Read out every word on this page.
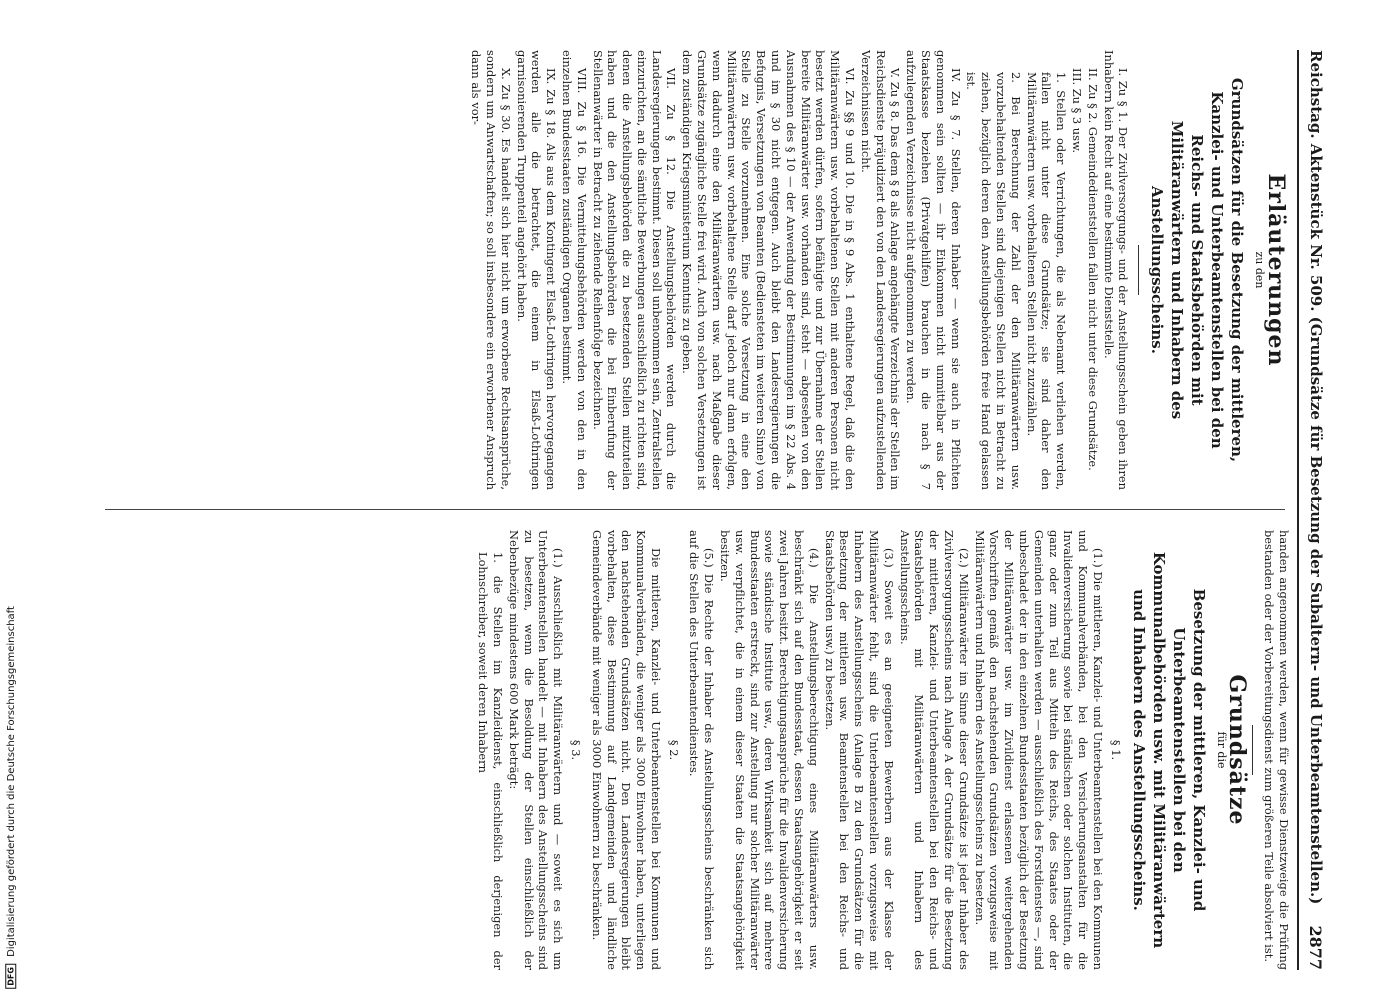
DFG Digitalisierung gefördert durch die Deutsche Forschungsgemeinschaft	Reichstag. Aktenstück Nr. 509. (Grundsätze für Besetzung der Subaltern- und Unterbeamtenstellen.)
2877
Erläuterungen
zu den
Grundsätzen für die Besetzung der mittleren, Kanzlei- und Unterbeamtenstellen bei den Reichs- und Staatsbehörden mit Militäranwärtern und Inhabern des Anstellungsscheins.

I. Zu § 1. Der Zivilversorgungs- und der Anstellungsschein geben ihren Inhabern kein Recht auf eine bestimmte Dienststelle.

II. Zu § 2. Gemeindedienststellen fallen nicht unter diese Grundsätze.

III. Zu § 3 usw.

1. Stellen oder Verrichtungen, die als Nebenamt verliehen werden, fallen nicht unter diese Grundsätze; sie sind daher den Militäranwärtern usw. vorbehaltenen Stellen nicht zuzuzählen.

2. Bei Berechnung der Zahl der den Militäranwärtern usw. vorzubehaltenden Stellen sind diejenigen Stellen nicht in Betracht zu ziehen, bezüglich deren den Anstellungsbehörden freie Hand gelassen ist.

IV. Zu § 7. Stellen, deren Inhaber — wenn sie auch in Pflichten genommen sein sollten — ihr Einkommen nicht unmittelbar aus der Staatskasse beziehen (Privatgehilfen) brauchen in die nach § 7 aufzulegenden Verzeichnisse nicht aufgenommen zu werden.

V. Zu § 8. Das dem § 8 als Anlage angehängte Verzeichnis der Stellen im Reichsdienste präjudiziert den von den Landesregierungen aufzustellenden Verzeichnissen nicht.

VI. Zu §§ 9 und 10. Die in § 9 Abs. 1 enthaltene Regel, daß die den Militäranwärtern usw. vorbehaltenen Stellen mit anderen Personen nicht besetzt werden dürfen, sofern befähigte und zur Übernahme der Stellen bereite Militäranwärter usw. vorhanden sind, steht — abgesehen von den Ausnahmen des § 10 — der Anwendung der Bestimmungen im § 22 Abs. 4 und im § 30 nicht entgegen. Auch bleibt den Landesregierungen die Befugnis, Versetzungen von Beamten (Bediensteten im weiteren Sinne) von Stelle zu Stelle vorzunehmen. Eine solche Versetzung in eine den Militäranwärtern usw. vorbehaltene Stelle darf jedoch nur dann erfolgen, wenn dadurch eine den Militäranwärtern usw. nach Maßgabe dieser Grundsätze zugängliche Stelle frei wird. Auch von solchen Versetzungen ist dem zuständigen Kriegsministerium Kenntnis zu geben.

VII. Zu § 12. Die Anstellungsbehörden werden durch die Landesregierungen bestimmt. Diesen soll unbenommen sein, Zentralstellen einzurichten, an die sämtliche Bewerbungen ausschließlich zu richten sind, denen die Anstellungsbehörden die zu besetzenden Stellen mitzuteilen haben und die den Anstellungsbehörden die bei Einberufung der Stellenanwärter in Betracht zu ziehende Reihenfolge bezeichnen.

VIII. Zu § 16. Die Vermittelungsbehörden werden von den in den einzelnen Bundesstaaten zuständigen Organen bestimmt.

IX. Zu § 18. Als aus dem Kontingent Elsaß-Lothringen hervorgegangen werden alle die betrachtet, die einem in Elsaß-Lothringen garnisonierenden Truppenteil angehört haben.

X. Zu § 30. Es handelt sich hier nicht um erworbene Rechtsansprüche, sondern um Anwartschaften; so soll insbesondere ein erworbener Anspruch dann als vor-

handen angenommen werden, wenn für gewisse Dienstzweige die Prüfung bestanden oder der Vorbereitungsdienst zum größeren Teile absolviert ist.

Grundsätze
für die
Besetzung der mittleren, Kanzlei- und Unterbeamtenstellen bei den Kommunalbehörden usw. mit Militäranwärtern und Inhabern des Anstellungsscheins.
§ 1.

(1.) Die mittleren, Kanzlei- und Unterbeamtenstellen bei den Kommunen und Kommunalverbänden, bei den Versicherungsanstalten für die Invalidenversicherung sowie bei ständischen oder solchen Instituten, die ganz oder zum Teil aus Mitteln des Reichs, des Staates oder der Gemeinden unterhalten werden — ausschließlich des Forstdienstes —, sind unbeschadet der in den einzelnen Bundesstaaten bezüglich der Besetzung der Militäranwärter usw. im Zivildienst erlassenen weitergehenden Vorschriften gemäß den nachstehenden Grundsätzen vorzugsweise mit Militäranwärtern und Inhabern des Anstellungsscheins zu besetzen.

(2.) Militäranwärter im Sinne dieser Grundsätze ist jeder Inhaber des Zivilversorgungsscheins nach Anlage A der Grundsätze für die Besetzung der mittleren, Kanzlei- und Unterbeamtenstellen bei den Reichs- und Staatsbehörden mit Militäranwärtern und Inhabern des Anstellungsscheins.

(3.) Soweit es an geeigneten Bewerbern aus der Klasse der Militäranwärter fehlt, sind die Unterbeamtenstellen vorzugsweise mit Inhabern des Anstellungsscheins (Anlage B zu den Grundsätzen für die Besetzung der mittleren usw. Beamtenstellen bei den Reichs- und Staatsbehörden usw.) zu besetzen.

(4.) Die Anstellungsberechtigung eines Militäranwärters usw. beschränkt sich auf den Bundesstaat, dessen Staatsangehörigkeit er seit zwei Jahren besitzt. Berechtigungsansprüche für die Invalidenversicherung sowie ständische Institute usw., deren Wirksamkeit sich auf mehrere Bundesstaaten erstreckt, sind zur Anstellung nur solcher Militäranwärter usw. verpflichtet, die in einem dieser Staaten die Staatsangehörigkeit besitzen.

(5.) Die Rechte der Inhaber des Anstellungsscheins beschränken sich auf die Stellen des Unterbeamtendienstes.

§ 2.

Die mittleren, Kanzlei- und Unterbeamtenstellen bei Kommunen und Kommunalverbänden, die weniger als 3000 Einwohner haben, unterliegen den nachstehenden Grundsätzen nicht. Den Landesregierungen bleibt vorbehalten, diese Bestimmung auf Landgemeinden und ländliche Gemeindeverbände mit weniger als 3000 Einwohnern zu beschränken.

§ 3.

(1.) Ausschließlich mit Militäranwärtern und — soweit es sich um Unterbeamtenstellen handelt — mit Inhabern des Anstellungsscheins sind zu besetzen, wenn die Besoldung der Stellen einschließlich der Nebenbezüge mindestens 600 Mark beträgt:

1. die Stellen im Kanzleidienst, einschließlich derjenigen der Lohnschreiber, soweit deren Inhabern
